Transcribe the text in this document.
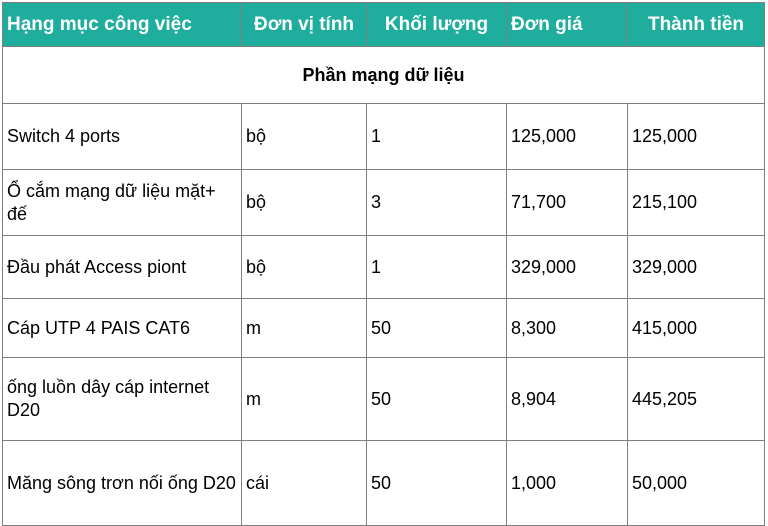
Hạng mục công việc	Đơn vị tính	Khối lượng	Đơn giá	Thành tiền
Phần mạng dữ liệu				
Switch 4 ports	bộ	1	125,000	125,000
Ổ cắm mạng dữ liệu mặt+ đế	bộ	3	71,700	215,100
Đầu phát Access piont	bộ	1	329,000	329,000
Cáp UTP 4 PAIS CAT6	m	50	8,300	415,000
ống luồn dây cáp internet D20	m	50	8,904	445,205
Măng sông trơn nối ống D20	cái	50	1,000	50,000
